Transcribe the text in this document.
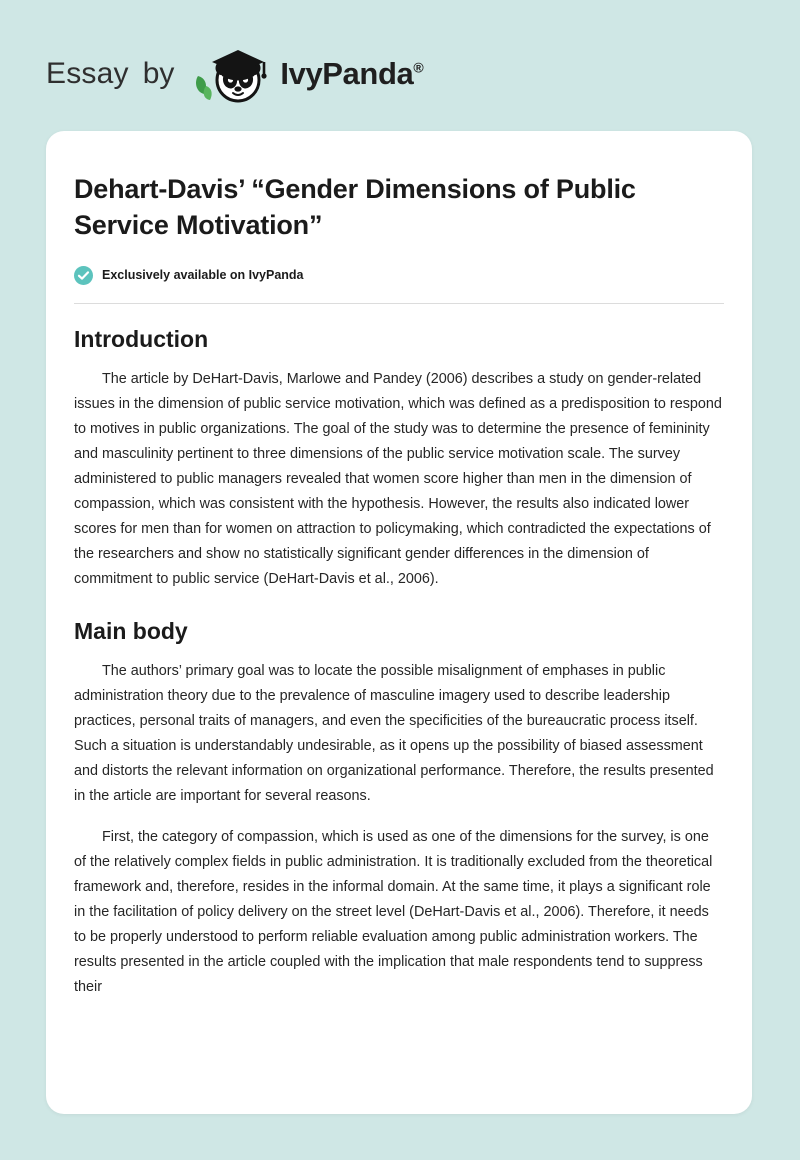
Essay by	IvyPanda®
Dehart-Davis’ “Gender Dimensions of Public Service Motivation”
Exclusively available on IvyPanda
Introduction

The article by DeHart-Davis, Marlowe and Pandey (2006) describes a study on gender-related issues in the dimension of public service motivation, which was defined as a predisposition to respond to motives in public organizations. The goal of the study was to determine the presence of femininity and masculinity pertinent to three dimensions of the public service motivation scale. The survey administered to public managers revealed that women score higher than men in the dimension of compassion, which was consistent with the hypothesis. However, the results also indicated lower scores for men than for women on attraction to policymaking, which contradicted the expectations of the researchers and show no statistically significant gender differences in the dimension of commitment to public service (DeHart-Davis et al., 2006).

Main body

The authors’ primary goal was to locate the possible misalignment of emphases in public administration theory due to the prevalence of masculine imagery used to describe leadership practices, personal traits of managers, and even the specificities of the bureaucratic process itself. Such a situation is understandably undesirable, as it opens up the possibility of biased assessment and distorts the relevant information on organizational performance. Therefore, the results presented in the article are important for several reasons.

First, the category of compassion, which is used as one of the dimensions for the survey, is one of the relatively complex fields in public administration. It is traditionally excluded from the theoretical framework and, therefore, resides in the informal domain. At the same time, it plays a significant role in the facilitation of policy delivery on the street level (DeHart-Davis et al., 2006). Therefore, it needs to be properly understood to perform reliable evaluation among public administration workers. The results presented in the article coupled with the implication that male respondents tend to suppress their
